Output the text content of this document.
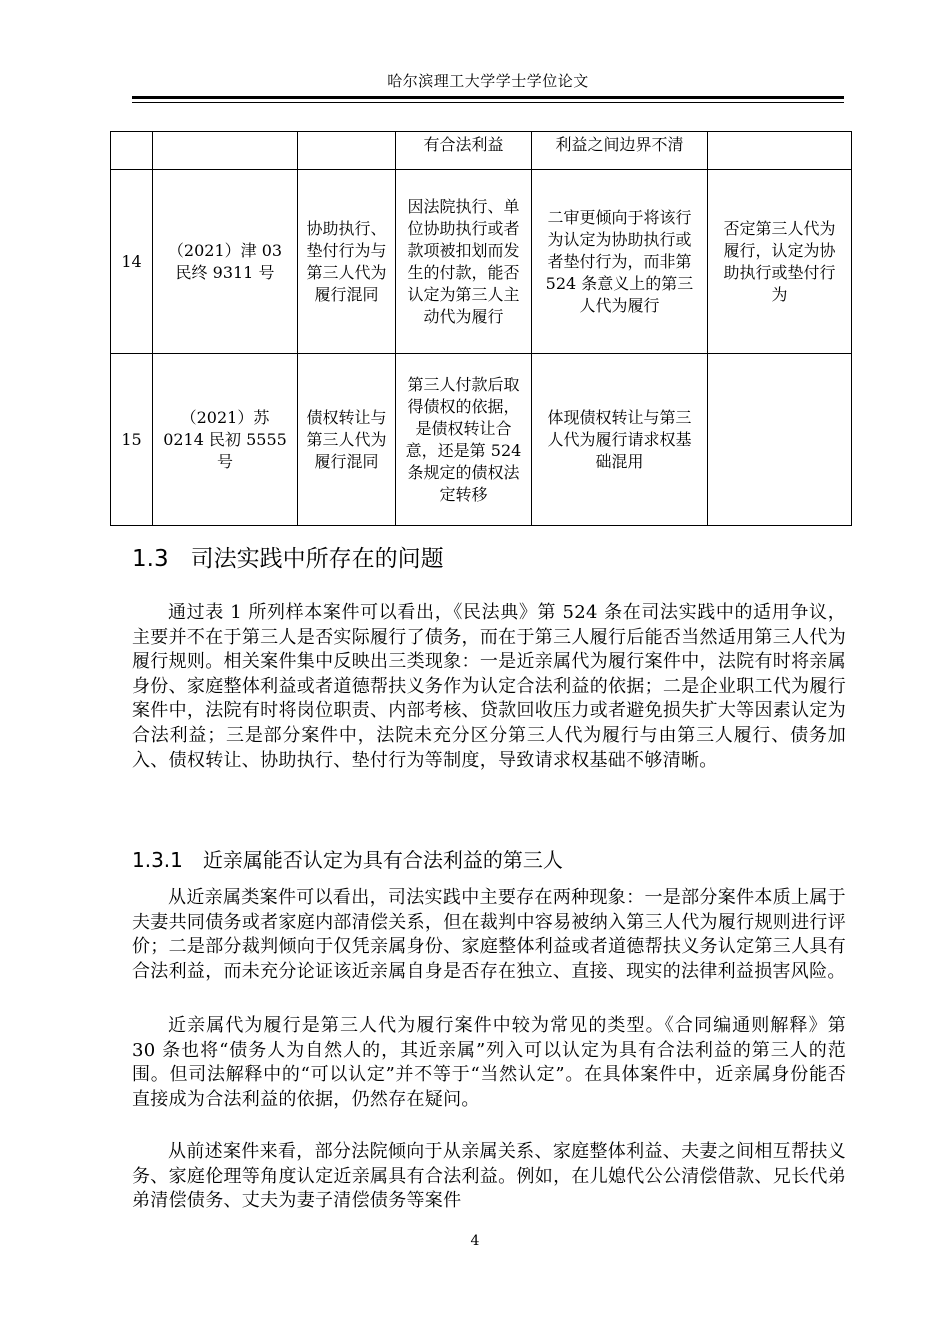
哈尔滨理工大学学士学位论文
			有合法利益	利益之间边界不清	
14	（2021）津 03 民终 9311 号	协助执行、垫付行为与第三人代为履行混同	因法院执行、单位协助执行或者款项被扣划而发生的付款，能否认定为第三人主动代为履行	二审更倾向于将该行为认定为协助执行或者垫付行为，而非第 524 条意义上的第三人代为履行	否定第三人代为履行，认定为协助执行或垫付行为
15	（2021）苏 0214 民初 5555 号	债权转让与第三人代为履行混同	第三人付款后取得债权的依据，是债权转让合意，还是第 524 条规定的债权法定转移	体现债权转让与第三人代为履行请求权基础混用	
1.3 司法实践中所存在的问题

通过表 1 所列样本案件可以看出，《民法典》第 524 条在司法实践中的适用争议，主要并不在于第三人是否实际履行了债务，而在于第三人履行后能否当然适用第三人代为履行规则。相关案件集中反映出三类现象：一是近亲属代为履行案件中，法院有时将亲属身份、家庭整体利益或者道德帮扶义务作为认定合法利益的依据；二是企业职工代为履行案件中，法院有时将岗位职责、内部考核、贷款回收压力或者避免损失扩大等因素认定为合法利益；三是部分案件中，法院未充分区分第三人代为履行与由第三人履行、债务加入、债权转让、协助执行、垫付行为等制度，导致请求权基础不够清晰。

1.3.1 近亲属能否认定为具有合法利益的第三人

从近亲属类案件可以看出，司法实践中主要存在两种现象：一是部分案件本质上属于夫妻共同债务或者家庭内部清偿关系，但在裁判中容易被纳入第三人代为履行规则进行评价；二是部分裁判倾向于仅凭亲属身份、家庭整体利益或者道德帮扶义务认定第三人具有合法利益，而未充分论证该近亲属自身是否存在独立、直接、现实的法律利益损害风险。

近亲属代为履行是第三人代为履行案件中较为常见的类型。《合同编通则解释》第 30 条也将“债务人为自然人的，其近亲属”列入可以认定为具有合法利益的第三人的范围。但司法解释中的“可以认定”并不等于“当然认定”。在具体案件中，近亲属身份能否直接成为合法利益的依据，仍然存在疑问。

从前述案件来看，部分法院倾向于从亲属关系、家庭整体利益、夫妻之间相互帮扶义务、家庭伦理等角度认定近亲属具有合法利益。例如，在儿媳代公公清偿借款、兄长代弟弟清偿债务、丈夫为妻子清偿债务等案件

4
